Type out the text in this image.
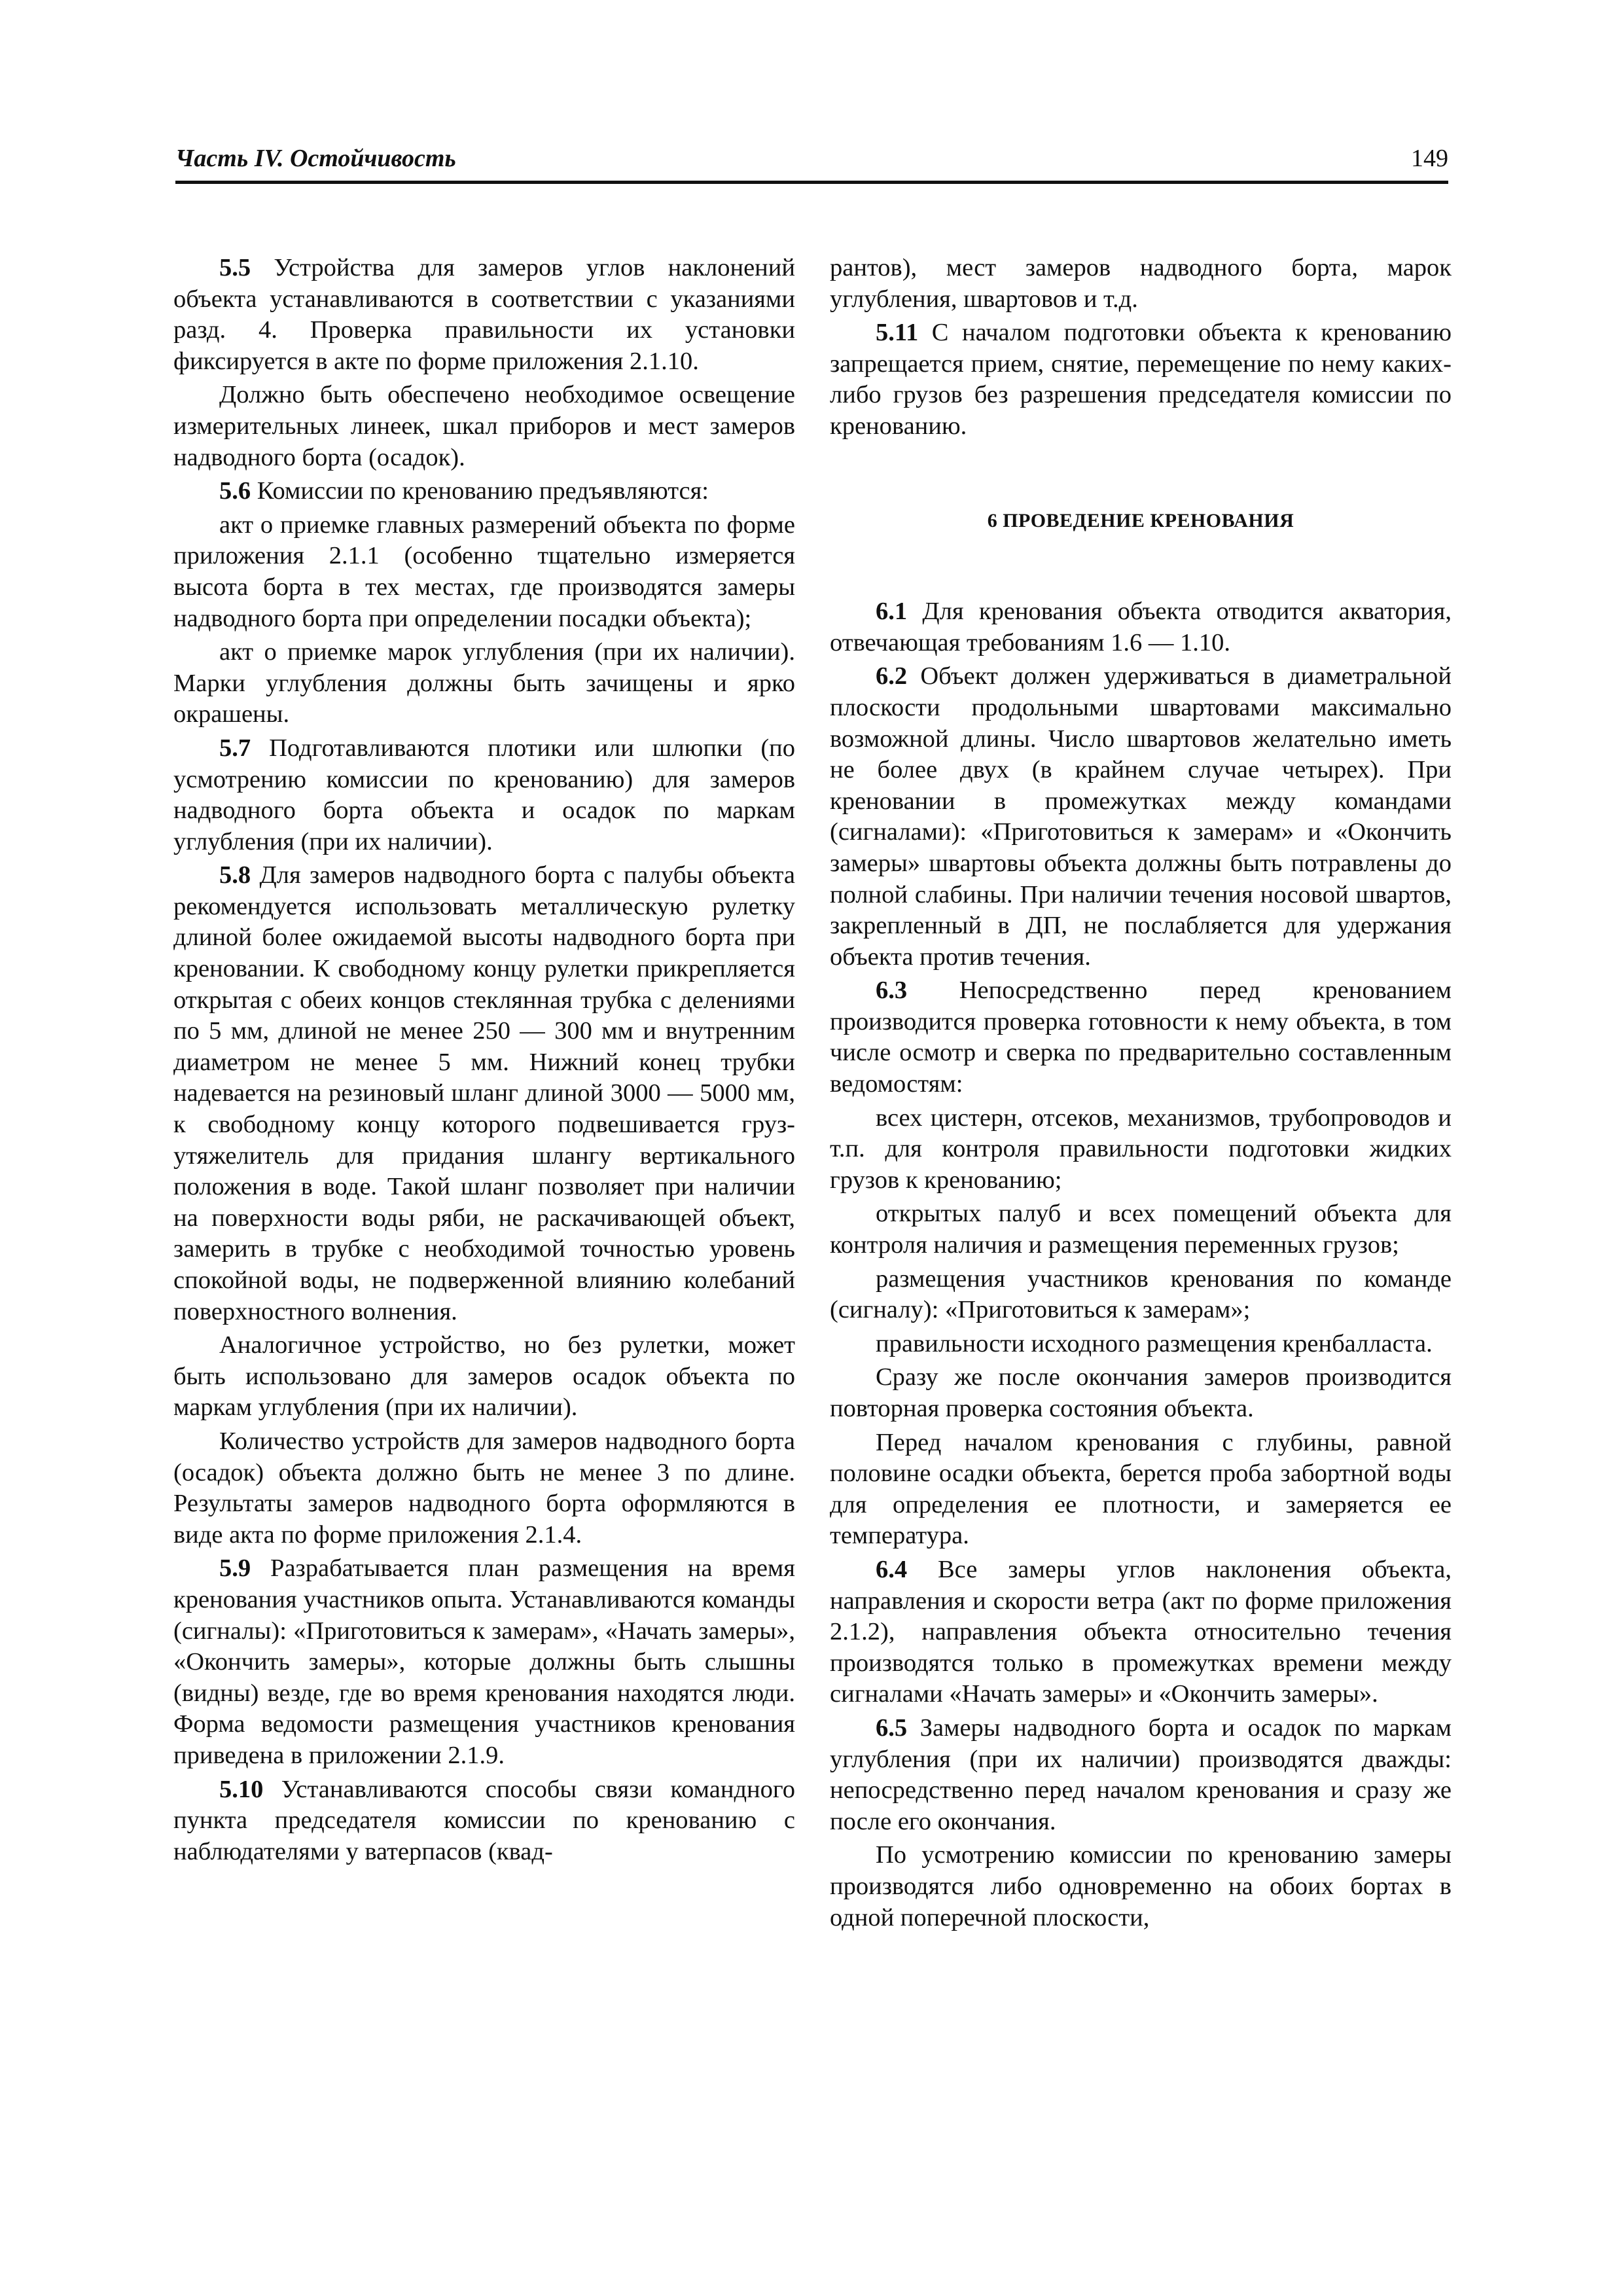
Часть IV. Остойчивость	149

5.5 Устройства для замеров углов наклонений объекта устанавливаются в соответствии с указаниями разд. 4. Проверка правильности их установки фиксируется в акте по форме приложения 2.1.10.

Должно быть обеспечено необходимое освещение измерительных линеек, шкал приборов и мест замеров надводного борта (осадок).

5.6 Комиссии по кренованию предъявляются:

акт о приемке главных размерений объекта по форме приложения 2.1.1 (особенно тщательно измеряется высота борта в тех местах, где производятся замеры надводного борта при определении посадки объекта);

акт о приемке марок углубления (при их наличии). Марки углубления должны быть зачищены и ярко окрашены.

5.7 Подготавливаются плотики или шлюпки (по усмотрению комиссии по кренованию) для замеров надводного борта объекта и осадок по маркам углубления (при их наличии).

5.8 Для замеров надводного борта с палубы объекта рекомендуется использовать металлическую рулетку длиной более ожидаемой высоты надводного борта при креновании. К свободному концу рулетки прикрепляется открытая с обеих концов стеклянная трубка с делениями по 5 мм, длиной не менее 250 — 300 мм и внутренним диаметром не менее 5 мм. Нижний конец трубки надевается на резиновый шланг длиной 3000 — 5000 мм, к свободному концу которого подвешивается груз-утяжелитель для придания шлангу вертикального положения в воде. Такой шланг позволяет при наличии на поверхности воды ряби, не раскачивающей объект, замерить в трубке с необходимой точностью уровень спокойной воды, не подверженной влиянию колебаний поверхностного волнения.

Аналогичное устройство, но без рулетки, может быть использовано для замеров осадок объекта по маркам углубления (при их наличии).

Количество устройств для замеров надводного борта (осадок) объекта должно быть не менее 3 по длине. Результаты замеров надводного борта оформляются в виде акта по форме приложения 2.1.4.

5.9 Разрабатывается план размещения на время кренования участников опыта. Устанавливаются команды (сигналы): «Приготовиться к замерам», «Начать замеры», «Окончить замеры», которые должны быть слышны (видны) везде, где во время кренования находятся люди. Форма ведомости размещения участников кренования приведена в приложении 2.1.9.

5.10 Устанавливаются способы связи командного пункта председателя комиссии по кренованию с наблюдателями у ватерпасов (квад-

рантов), мест замеров надводного борта, марок углубления, швартовов и т.д.

5.11 С началом подготовки объекта к кренованию запрещается прием, снятие, перемещение по нему каких-либо грузов без разрешения председателя комиссии по кренованию.

6 ПРОВЕДЕНИЕ КРЕНОВАНИЯ

6.1 Для кренования объекта отводится акватория, отвечающая требованиям 1.6 — 1.10.

6.2 Объект должен удерживаться в диаметральной плоскости продольными швартовами максимально возможной длины. Число швартовов желательно иметь не более двух (в крайнем случае четырех). При креновании в промежутках между командами (сигналами): «Приготовиться к замерам» и «Окончить замеры» швартовы объекта должны быть потравлены до полной слабины. При наличии течения носовой швартов, закрепленный в ДП, не послабляется для удержания объекта против течения.

6.3 Непосредственно перед кренованием производится проверка готовности к нему объекта, в том числе осмотр и сверка по предварительно составленным ведомостям:

всех цистерн, отсеков, механизмов, трубопроводов и т.п. для контроля правильности подготовки жидких грузов к кренованию;

открытых палуб и всех помещений объекта для контроля наличия и размещения переменных грузов;

размещения участников кренования по команде (сигналу): «Приготовиться к замерам»;

правильности исходного размещения кренбалласта.

Сразу же после окончания замеров производится повторная проверка состояния объекта.

Перед началом кренования с глубины, равной половине осадки объекта, берется проба забортной воды для определения ее плотности, и замеряется ее температура.

6.4 Все замеры углов наклонения объекта, направления и скорости ветра (акт по форме приложения 2.1.2), направления объекта относительно течения производятся только в промежутках времени между сигналами «Начать замеры» и «Окончить замеры».

6.5 Замеры надводного борта и осадок по маркам углубления (при их наличии) производятся дважды: непосредственно перед началом кренования и сразу же после его окончания.

По усмотрению комиссии по кренованию замеры производятся либо одновременно на обоих бортах в одной поперечной плоскости,
